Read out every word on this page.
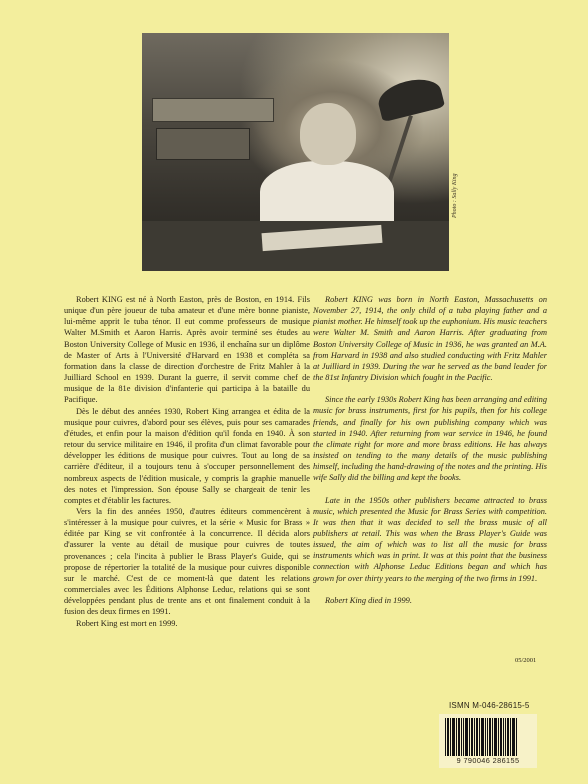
Photo : Sally King

Robert KING est né à North Easton, près de Boston, en 1914. Fils unique d'un père joueur de tuba amateur et d'une mère bonne pianiste, lui-même apprit le tuba ténor. Il eut comme professeurs de musique Walter M.Smith et Aaron Harris. Après avoir terminé ses études au Boston University College of Music en 1936, il enchaîna sur un diplôme de Master of Arts à l'Université d'Harvard en 1938 et compléta sa formation dans la classe de direction d'orchestre de Fritz Mahler à la Juilliard School en 1939. Durant la guerre, il servit comme chef de musique de la 81e division d'infanterie qui participa à la bataille du Pacifique.

Dès le début des années 1930, Robert King arrangea et édita de la musique pour cuivres, d'abord pour ses élèves, puis pour ses camarades d'études, et enfin pour la maison d'édition qu'il fonda en 1940. À son retour du service militaire en 1946, il profita d'un climat favorable pour développer les éditions de musique pour cuivres. Tout au long de sa carrière d'éditeur, il a toujours tenu à s'occuper personnellement des nombreux aspects de l'édition musicale, y compris la graphie manuelle des notes et l'impression. Son épouse Sally se chargeait de tenir les comptes et d'établir les factures.

Vers la fin des années 1950, d'autres éditeurs commencèrent à s'intéresser à la musique pour cuivres, et la série « Music for Brass » éditée par King se vit confrontée à la concurrence. Il décida alors d'assurer la vente au détail de musique pour cuivres de toutes provenances ; cela l'incita à publier le Brass Player's Guide, qui se propose de répertorier la totalité de la musique pour cuivres disponible sur le marché. C'est de ce moment-là que datent les relations commerciales avec les Éditions Alphonse Leduc, relations qui se sont développées pendant plus de trente ans et ont finalement conduit à la fusion des deux firmes en 1991.

Robert King est mort en 1999.

Robert KING was born in North Easton, Massachusetts on November 27, 1914, the only child of a tuba playing father and a pianist mother. He himself took up the euphonium. His music teachers were Walter M. Smith and Aaron Harris. After graduating from Boston University College of Music in 1936, he was granted an M.A. from Harvard in 1938 and also studied conducting with Fritz Mahler at Juilliard in 1939. During the war he served as the band leader for the 81st Infantry Division which fought in the Pacific.

Since the early 1930s Robert King has been arranging and editing music for brass instruments, first for his pupils, then for his college friends, and finally for his own publishing company which was started in 1940. After returning from war service in 1946, he found the climate right for more and more brass editions. He has always insisted on tending to the many details of the music publishing himself, including the hand-drawing of the notes and the printing. His wife Sally did the billing and kept the books.

Late in the 1950s other publishers became attracted to brass music, which presented the Music for Brass Series with competition. It was then that it was decided to sell the brass music of all publishers at retail. This was when the Brass Player's Guide was issued, the aim of which was to list all the music for brass instruments which was in print. It was at this point that the business connection with Alphonse Leduc Editions began and which has grown for over thirty years to the merging of the two firms in 1991.

Robert King died in 1999.

05/2001
ISMN M-046-28615-5
9 790046 286155
